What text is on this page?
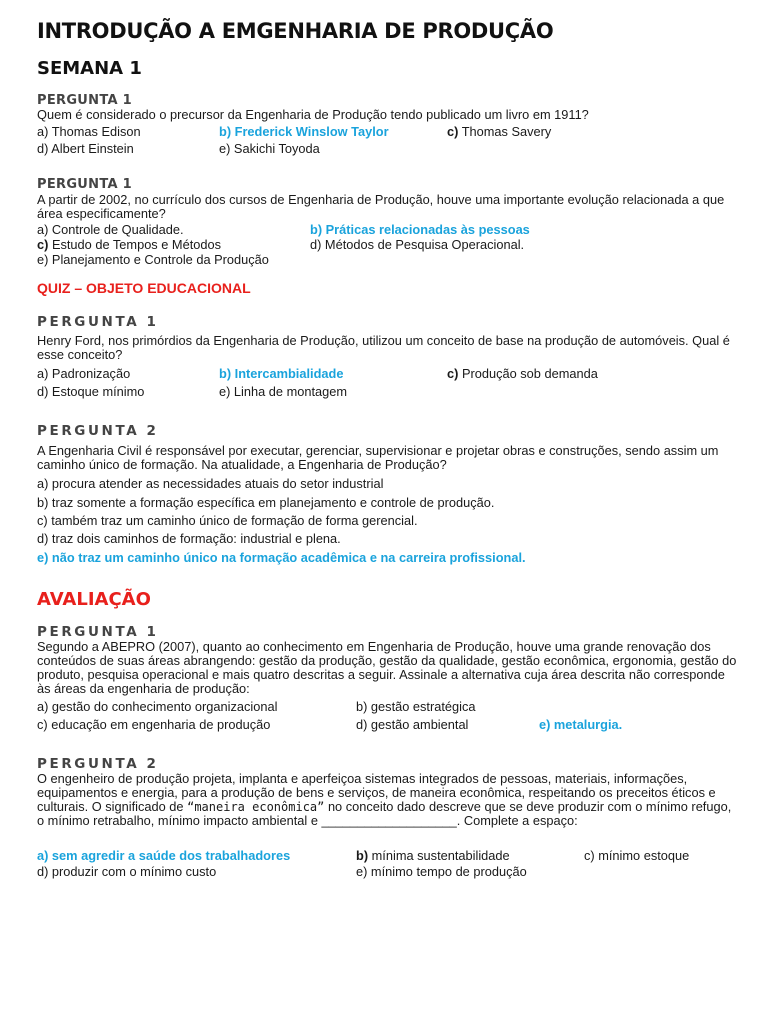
INTRODUÇÃO A EMGENHARIA DE PRODUÇÃO
SEMANA 1
PERGUNTA 1
Quem é considerado o precursor da Engenharia de Produção tendo publicado um livro em 1911?
a) Thomas Edison	b) Frederick Winslow Taylor	c) Thomas Savery
d) Albert Einstein	e) Sakichi Toyoda
PERGUNTA 1
A partir de 2002, no currículo dos cursos de Engenharia de Produção, houve uma importante evolução relacionada a que área especificamente?
a) Controle de Qualidade.	b) Práticas relacionadas às pessoas
c) Estudo de Tempos e Métodos	d) Métodos de Pesquisa Operacional.
e) Planejamento e Controle da Produção
QUIZ – OBJETO EDUCACIONAL
PERGUNTA 1
Henry Ford, nos primórdios da Engenharia de Produção, utilizou um conceito de base na produção de automóveis. Qual é esse conceito?
a) Padronização	b) Intercambialidade	c) Produção sob demanda
d) Estoque mínimo	e) Linha de montagem
PERGUNTA 2
A Engenharia Civil é responsável por executar, gerenciar, supervisionar e projetar obras e construções, sendo assim um caminho único de formação. Na atualidade, a Engenharia de Produção?
a) procura atender as necessidades atuais do setor industrial
b) traz somente a formação específica em planejamento e controle de produção.
c) também traz um caminho único de formação de forma gerencial.
d) traz dois caminhos de formação: industrial e plena.
e) não traz um caminho único na formação acadêmica e na carreira profissional.
AVALIAÇÃO
PERGUNTA 1
Segundo a ABEPRO (2007), quanto ao conhecimento em Engenharia de Produção, houve uma grande renovação dos conteúdos de suas áreas abrangendo: gestão da produção, gestão da qualidade, gestão econômica, ergonomia, gestão do produto, pesquisa operacional e mais quatro descritas a seguir. Assinale a alternativa cuja área descrita não corresponde às áreas da engenharia de produção:
a) gestão do conhecimento organizacional	b) gestão estratégica
c) educação em engenharia de produção	d) gestão ambiental	e) metalurgia.
PERGUNTA 2
O engenheiro de produção projeta, implanta e aperfeiçoa sistemas integrados de pessoas, materiais, informações, equipamentos e energia, para a produção de bens e serviços, de maneira econômica, respeitando os preceitos éticos e culturais. O significado de “maneira econômica” no conceito dado descreve que se deve produzir com o mínimo refugo, o mínimo retrabalho, mínimo impacto ambiental e ___________________. Complete a espaço:
a) sem agredir a saúde dos trabalhadores	b) mínima sustentabilidade	c) mínimo estoque
d) produzir com o mínimo custo	e) mínimo tempo de produção
